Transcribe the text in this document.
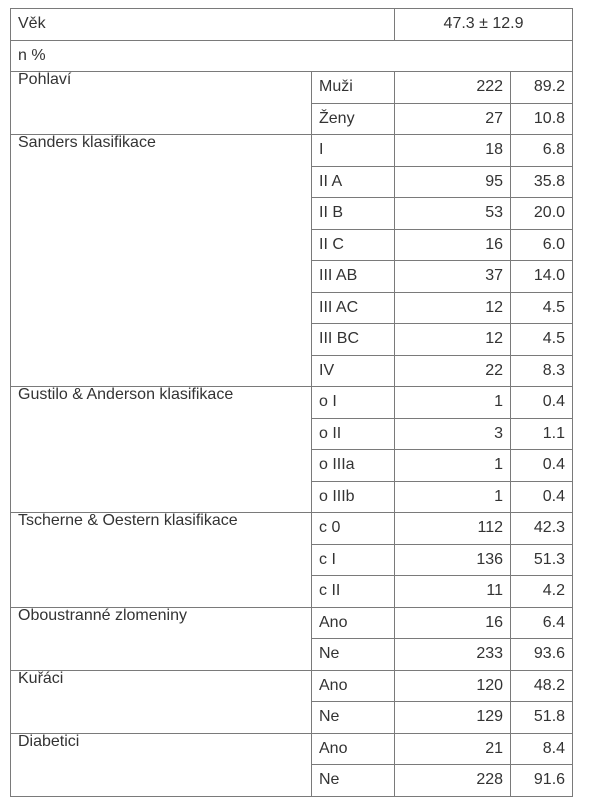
Věk		47.3 ± 12.9	
n %			
Pohlaví	Muži	222	89.2
	Ženy	27	10.8
Sanders klasifikace	I	18	6.8
	II A	95	35.8
	II B	53	20.0
	II C	16	6.0
	III AB	37	14.0
	III AC	12	4.5
	III BC	12	4.5
	IV	22	8.3
Gustilo & Anderson klasifikace	o I	1	0.4
	o II	3	1.1
	o IIIa	1	0.4
	o IIIb	1	0.4
Tscherne & Oestern klasifikace	c 0	112	42.3
	c I	136	51.3
	c II	11	4.2
Oboustranné zlomeniny	Ano	16	6.4
	Ne	233	93.6
Kuřáci	Ano	120	48.2
	Ne	129	51.8
Diabetici	Ano	21	8.4
	Ne	228	91.6
